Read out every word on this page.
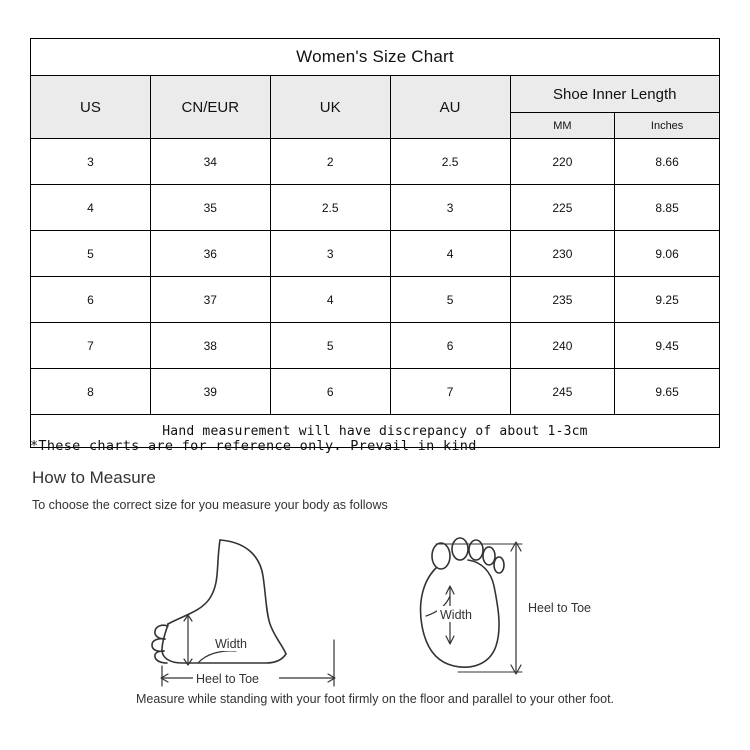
Women's Size Chart					
US	CN/EUR	UK	AU	Shoe Inner Length	
				MM	Inches
3	34	2	2.5	220	8.66
4	35	2.5	3	225	8.85
5	36	3	4	230	9.06
6	37	4	5	235	9.25
7	38	5	6	240	9.45
8	39	6	7	245	9.65
Hand measurement will have discrepancy of about 1-3cm					
*These charts are for reference only. Prevail in kind
How to Measure
To choose the correct size for you measure your body as follows
Width
Heel to Toe
Width	Heel to Toe
Measure while standing with your foot firmly on the floor and parallel to your other foot.
